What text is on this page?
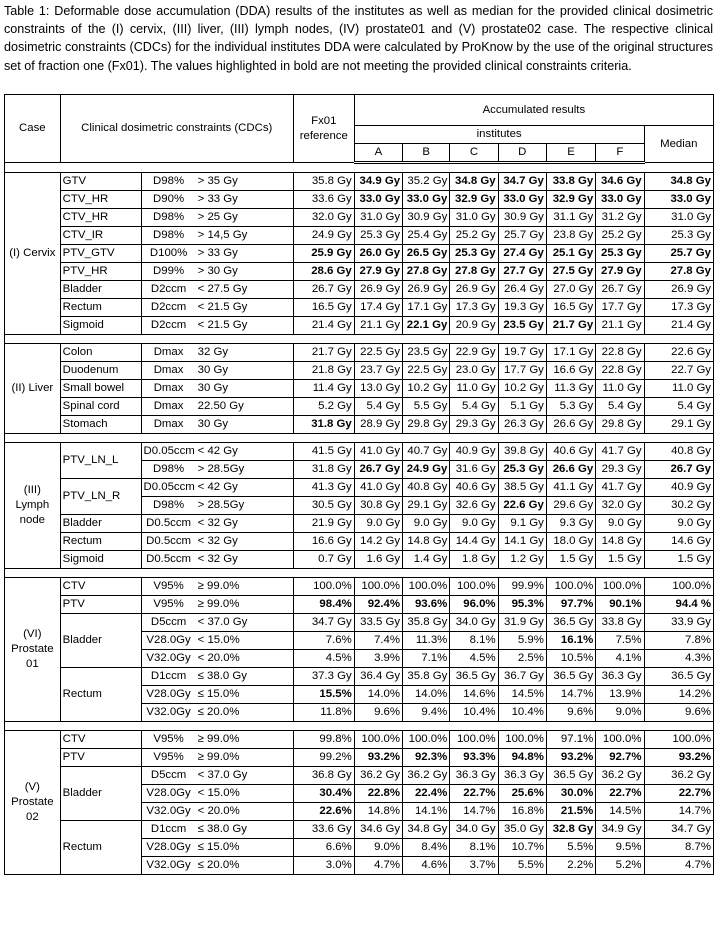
Table 1: Deformable dose accumulation (DDA) results of the institutes as well as median for the provided clinical dosimetric constraints of the (I) cervix, (III) liver, (III) lymph nodes, (IV) prostate01 and (V) prostate02 case. The respective clinical dosimetric constraints (CDCs) for the individual institutes DDA were calculated by ProKnow by the use of the original structures set of fraction one (Fx01). The values highlighted in bold are not meeting the provided clinical constraints criteria.
Case	Clinical dosimetric constraints (CDCs)			Fx01 reference	Accumulated results						
					institutes						Median
					A	B	C	D	E	F	

(I) Cervix	GTV	D98%	> 35 Gy	35.8 Gy	34.9 Gy	35.2 Gy	34.8 Gy	34.7 Gy	33.8 Gy	34.6 Gy	34.8 Gy
	CTV_HR	D90%	> 33 Gy	33.6 Gy	33.0 Gy	33.0 Gy	32.9 Gy	33.0 Gy	32.9 Gy	33.0 Gy	33.0 Gy
	CTV_HR	D98%	> 25 Gy	32.0 Gy	31.0 Gy	30.9 Gy	31.0 Gy	30.9 Gy	31.1 Gy	31.2 Gy	31.0 Gy
	CTV_IR	D98%	> 14,5 Gy	24.9 Gy	25.3 Gy	25.4 Gy	25.2 Gy	25.7 Gy	23.8 Gy	25.2 Gy	25.3 Gy
	PTV_GTV	D100%	> 33 Gy	25.9 Gy	26.0 Gy	26.5 Gy	25.3 Gy	27.4 Gy	25.1 Gy	25.3 Gy	25.7 Gy
	PTV_HR	D99%	> 30 Gy	28.6 Gy	27.9 Gy	27.8 Gy	27.8 Gy	27.7 Gy	27.5 Gy	27.9 Gy	27.8 Gy
	Bladder	D2ccm	< 27.5 Gy	26.7 Gy	26.9 Gy	26.9 Gy	26.9 Gy	26.4 Gy	27.0 Gy	26.7 Gy	26.9 Gy
	Rectum	D2ccm	< 21.5 Gy	16.5 Gy	17.4 Gy	17.1 Gy	17.3 Gy	19.3 Gy	16.5 Gy	17.7 Gy	17.3 Gy
	Sigmoid	D2ccm	< 21.5 Gy	21.4 Gy	21.1 Gy	22.1 Gy	20.9 Gy	23.5 Gy	21.7 Gy	21.1 Gy	21.4 Gy

(II) Liver	Colon	Dmax	32 Gy	21.7 Gy	22.5 Gy	23.5 Gy	22.9 Gy	19.7 Gy	17.1 Gy	22.8 Gy	22.6 Gy
	Duodenum	Dmax	30 Gy	21.8 Gy	23.7 Gy	22.5 Gy	23.0 Gy	17.7 Gy	16.6 Gy	22.8 Gy	22.7 Gy
	Small bowel	Dmax	30 Gy	11.4 Gy	13.0 Gy	10.2 Gy	11.0 Gy	10.2 Gy	11.3 Gy	11.0 Gy	11.0 Gy
	Spinal cord	Dmax	22.50 Gy	5.2 Gy	5.4 Gy	5.5 Gy	5.4 Gy	5.1 Gy	5.3 Gy	5.4 Gy	5.4 Gy
	Stomach	Dmax	30 Gy	31.8 Gy	28.9 Gy	29.8 Gy	29.3 Gy	26.3 Gy	26.6 Gy	29.8 Gy	29.1 Gy

(III) Lymph node	PTV_LN_L	D0.05ccm	< 42 Gy	41.5 Gy	41.0 Gy	40.7 Gy	40.9 Gy	39.8 Gy	40.6 Gy	41.7 Gy	40.8 Gy
		D98%	> 28.5Gy	31.8 Gy	26.7 Gy	24.9 Gy	31.6 Gy	25.3 Gy	26.6 Gy	29.3 Gy	26.7 Gy
	PTV_LN_R	D0.05ccm	< 42 Gy	41.3 Gy	41.0 Gy	40.8 Gy	40.6 Gy	38.5 Gy	41.1 Gy	41.7 Gy	40.9 Gy
		D98%	> 28.5Gy	30.5 Gy	30.8 Gy	29.1 Gy	32.6 Gy	22.6 Gy	29.6 Gy	32.0 Gy	30.2 Gy
	Bladder	D0.5ccm	< 32 Gy	21.9 Gy	9.0 Gy	9.0 Gy	9.0 Gy	9.1 Gy	9.3 Gy	9.0 Gy	9.0 Gy
	Rectum	D0.5ccm	< 32 Gy	16.6 Gy	14.2 Gy	14.8 Gy	14.4 Gy	14.1 Gy	18.0 Gy	14.8 Gy	14.6 Gy
	Sigmoid	D0.5ccm	< 32 Gy	0.7 Gy	1.6 Gy	1.4 Gy	1.8 Gy	1.2 Gy	1.5 Gy	1.5 Gy	1.5 Gy

(VI) Prostate 01	CTV	V95%	≥ 99.0%	100.0%	100.0%	100.0%	100.0%	99.9%	100.0%	100.0%	100.0%
	PTV	V95%	≥ 99.0%	98.4%	92.4%	93.6%	96.0%	95.3%	97.7%	90.1%	94.4 %
	Bladder	D5ccm	< 37.0 Gy	34.7 Gy	33.5 Gy	35.8 Gy	34.0 Gy	31.9 Gy	36.5 Gy	33.8 Gy	33.9 Gy
		V28.0Gy	< 15.0%	7.6%	7.4%	11.3%	8.1%	5.9%	16.1%	7.5%	7.8%
		V32.0Gy	< 20.0%	4.5%	3.9%	7.1%	4.5%	2.5%	10.5%	4.1%	4.3%
	Rectum	D1ccm	≤ 38.0 Gy	37.3 Gy	36.4 Gy	35.8 Gy	36.5 Gy	36.7 Gy	36.5 Gy	36.3 Gy	36.5 Gy
		V28.0Gy	≤ 15.0%	15.5%	14.0%	14.0%	14.6%	14.5%	14.7%	13.9%	14.2%
		V32.0Gy	≤ 20.0%	11.8%	9.6%	9.4%	10.4%	10.4%	9.6%	9.0%	9.6%

(V) Prostate 02	CTV	V95%	≥ 99.0%	99.8%	100.0%	100.0%	100.0%	100.0%	97.1%	100.0%	100.0%
	PTV	V95%	≥ 99.0%	99.2%	93.2%	92.3%	93.3%	94.8%	93.2%	92.7%	93.2%
	Bladder	D5ccm	< 37.0 Gy	36.8 Gy	36.2 Gy	36.2 Gy	36.3 Gy	36.3 Gy	36.5 Gy	36.2 Gy	36.2 Gy
		V28.0Gy	< 15.0%	30.4%	22.8%	22.4%	22.7%	25.6%	30.0%	22.7%	22.7%
		V32.0Gy	< 20.0%	22.6%	14.8%	14.1%	14.7%	16.8%	21.5%	14.5%	14.7%
	Rectum	D1ccm	≤ 38.0 Gy	33.6 Gy	34.6 Gy	34.8 Gy	34.0 Gy	35.0 Gy	32.8 Gy	34.9 Gy	34.7 Gy
		V28.0Gy	≤ 15.0%	6.6%	9.0%	8.4%	8.1%	10.7%	5.5%	9.5%	8.7%
		V32.0Gy	≤ 20.0%	3.0%	4.7%	4.6%	3.7%	5.5%	2.2%	5.2%	4.7%
